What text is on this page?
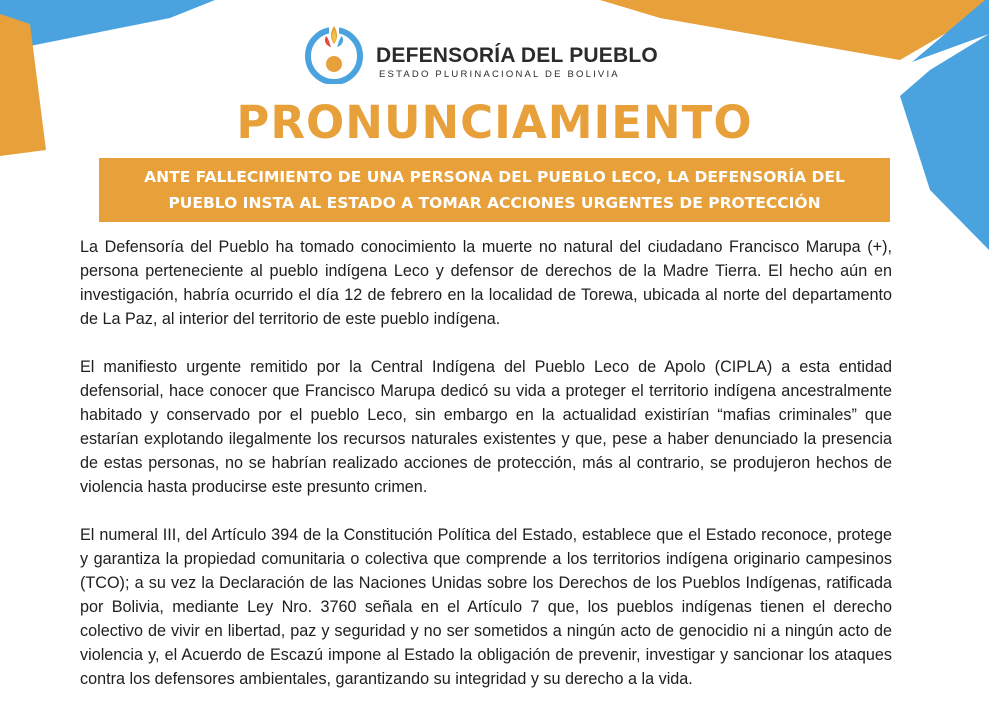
DEFENSORÍA DEL PUEBLO
ESTADO PLURINACIONAL DE BOLIVIA
PRONUNCIAMIENTO
ANTE FALLECIMIENTO DE UNA PERSONA DEL PUEBLO LECO, LA DEFENSORÍA DEL PUEBLO INSTA AL ESTADO A TOMAR ACCIONES URGENTES DE PROTECCIÓN

La Defensoría del Pueblo ha tomado conocimiento la muerte no natural del ciudadano Francisco Marupa (+), persona perteneciente al pueblo indígena Leco y defensor de derechos de la Madre Tierra. El hecho aún en investigación, habría ocurrido el día 12 de febrero en la localidad de Torewa, ubicada al norte del departamento de La Paz, al interior del territorio de este pueblo indígena.

El manifiesto urgente remitido por la Central Indígena del Pueblo Leco de Apolo (CIPLA) a esta entidad defensorial, hace conocer que Francisco Marupa dedicó su vida a proteger el territorio indígena ancestralmente habitado y conservado por el pueblo Leco, sin embargo en la actualidad existirían “mafias criminales” que estarían explotando ilegalmente los recursos naturales existentes y que, pese a haber denunciado la presencia de estas personas, no se habrían realizado acciones de protección, más al contrario, se produjeron hechos de violencia hasta producirse este presunto crimen.

El numeral III, del Artículo 394 de la Constitución Política del Estado, establece que el Estado reconoce, protege y garantiza la propiedad comunitaria o colectiva que comprende a los territorios indígena originario campesinos (TCO); a su vez la Declaración de las Naciones Unidas sobre los Derechos de los Pueblos Indígenas, ratificada por Bolivia, mediante Ley Nro. 3760 señala en el Artículo 7 que, los pueblos indígenas tienen el derecho colectivo de vivir en libertad, paz y seguridad y no ser sometidos a ningún acto de genocidio ni a ningún acto de violencia y, el Acuerdo de Escazú impone al Estado la obligación de prevenir, investigar y sancionar los ataques contra los defensores ambientales, garantizando su integridad y su derecho a la vida.
